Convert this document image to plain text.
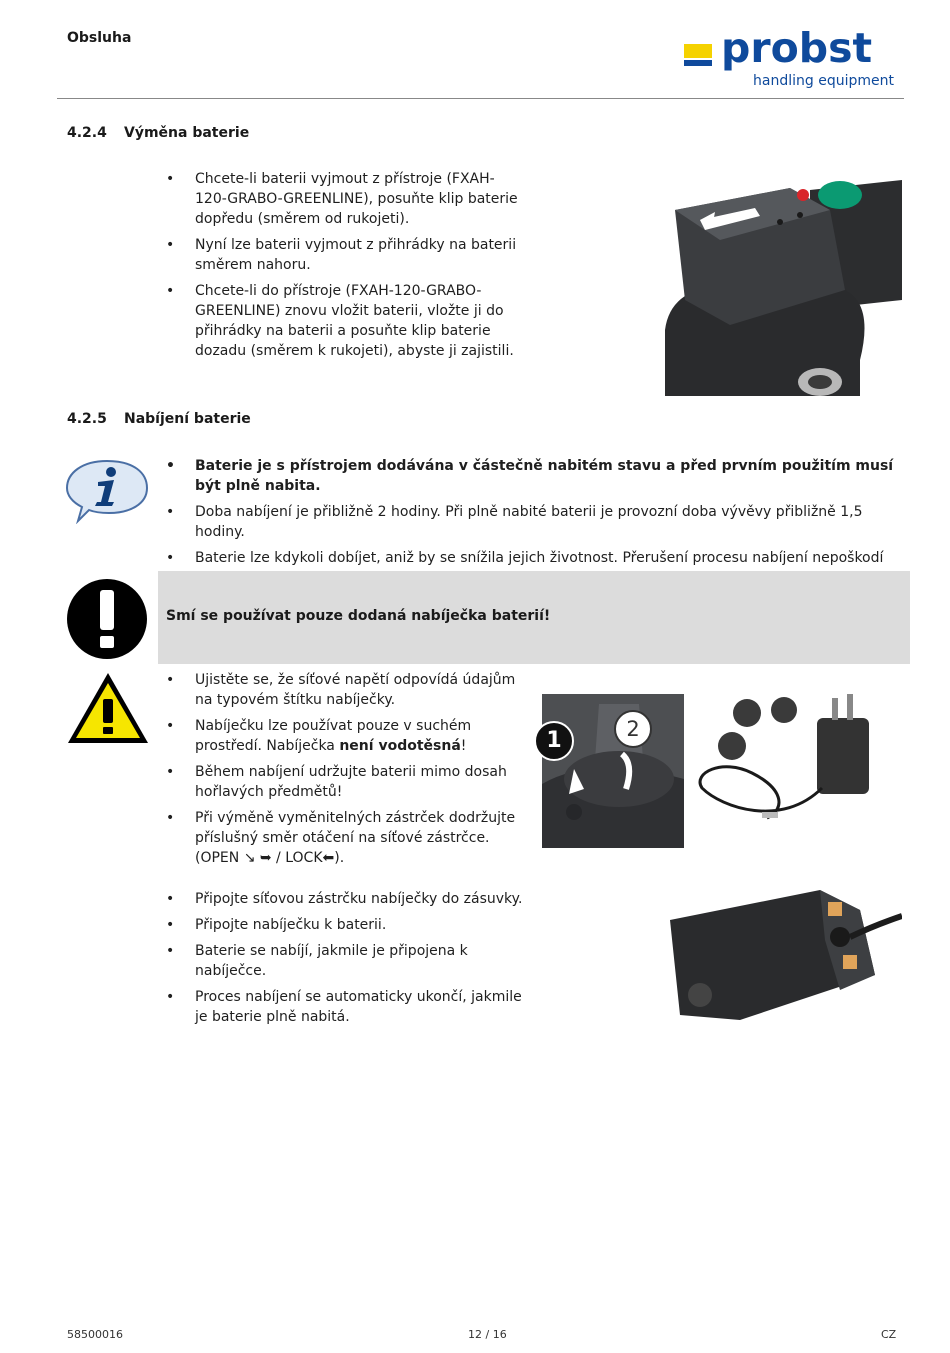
Obsluha	probst
handling equipment
4.2.4 Výměna baterie
• Chcete-li baterii vyjmout z přístroje (FXAH-120-GRABO-GREENLINE), posuňte klip baterie dopředu (směrem od rukojeti).
• Nyní lze baterii vyjmout z přihrádky na baterii směrem nahoru.
• Chcete-li do přístroje (FXAH-120-GRABO-GREENLINE) znovu vložit baterii, vložte ji do přihrádky na baterii a posuňte klip baterie dozadu (směrem k rukojeti), abyste ji zajistili.
4.2.5 Nabíjení baterie
• Baterie je s přístrojem dodávána v částečně nabitém stavu a před prvním použitím musí být plně nabita.
• Doba nabíjení je přibližně 2 hodiny. Při plně nabité baterii je provozní doba vývěvy přibližně 1,5 hodiny.
• Baterie lze kdykoli dobíjet, aniž by se snížila jejich životnost. Přerušení procesu nabíjení nepoškodí
Smí se používat pouze dodaná nabíječka baterií!
• Ujistěte se, že síťové napětí odpovídá údajům na typovém štítku nabíječky.
• Nabíječku lze používat pouze v suchém prostředí. Nabíječka není vodotěsná!
• Během nabíjení udržujte baterii mimo dosah hořlavých předmětů!
• Při výměně vyměnitelných zástrček dodržujte příslušný směr otáčení na síťové zástrčce. (OPEN ↘ ➥ / LOCK⬅).
1	2
• Připojte síťovou zástrčku nabíječky do zásuvky.
• Připojte nabíječku k baterii.
• Baterie se nabíjí, jakmile je připojena k nabíječce.
• Proces nabíjení se automaticky ukončí, jakmile je baterie plně nabitá.
58500016	12 / 16	CZ
